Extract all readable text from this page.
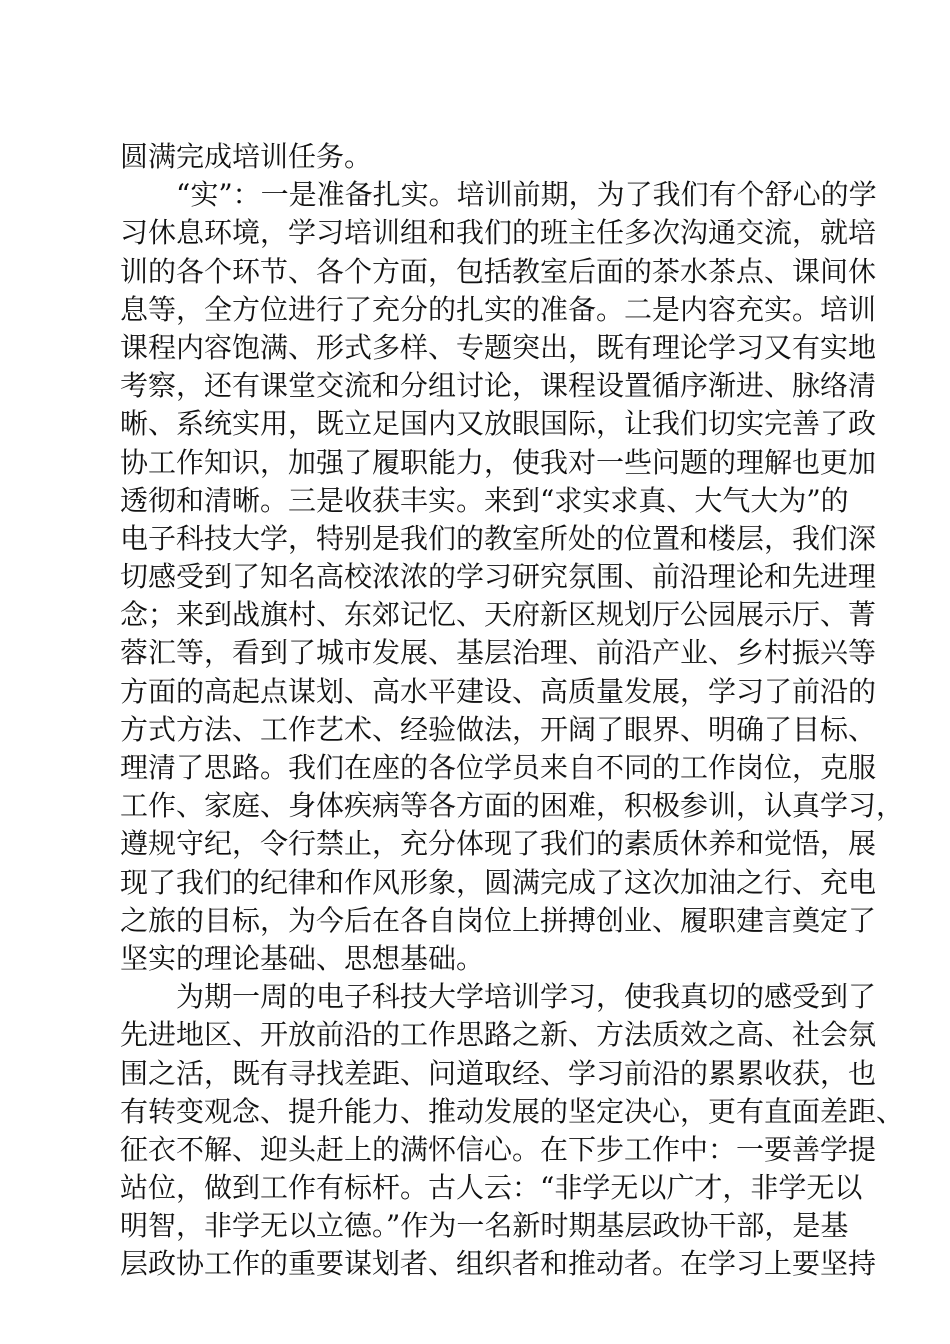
圆满完成培训任务。
“实”：一是准备扎实。培训前期，为了我们有个舒心的学
习休息环境，学习培训组和我们的班主任多次沟通交流，就培
训的各个环节、各个方面，包括教室后面的茶水茶点、课间休
息等，全方位进行了充分的扎实的准备。二是内容充实。培训
课程内容饱满、形式多样、专题突出，既有理论学习又有实地
考察，还有课堂交流和分组讨论，课程设置循序渐进、脉络清
晰、系统实用，既立足国内又放眼国际，让我们切实完善了政
协工作知识，加强了履职能力，使我对一些问题的理解也更加
透彻和清晰。三是收获丰实。来到“求实求真、大气大为”的
电子科技大学，特别是我们的教室所处的位置和楼层，我们深
切感受到了知名高校浓浓的学习研究氛围、前沿理论和先进理
念；来到战旗村、东郊记忆、天府新区规划厅公园展示厅、菁
蓉汇等，看到了城市发展、基层治理、前沿产业、乡村振兴等
方面的高起点谋划、高水平建设、高质量发展，学习了前沿的
方式方法、工作艺术、经验做法，开阔了眼界、明确了目标、
理清了思路。我们在座的各位学员来自不同的工作岗位，克服
工作、家庭、身体疾病等各方面的困难，积极参训，认真学习，
遵规守纪，令行禁止，充分体现了我们的素质休养和觉悟，展
现了我们的纪律和作风形象，圆满完成了这次加油之行、充电
之旅的目标，为今后在各自岗位上拼搏创业、履职建言奠定了
坚实的理论基础、思想基础。
为期一周的电子科技大学培训学习，使我真切的感受到了
先进地区、开放前沿的工作思路之新、方法质效之高、社会氛
围之活，既有寻找差距、问道取经、学习前沿的累累收获，也
有转变观念、提升能力、推动发展的坚定决心，更有直面差距、
征衣不解、迎头赶上的满怀信心。在下步工作中：一要善学提
站位，做到工作有标杆。古人云：“非学无以广才，非学无以
明智，非学无以立德。”作为一名新时期基层政协干部，是基
层政协工作的重要谋划者、组织者和推动者。在学习上要坚持
